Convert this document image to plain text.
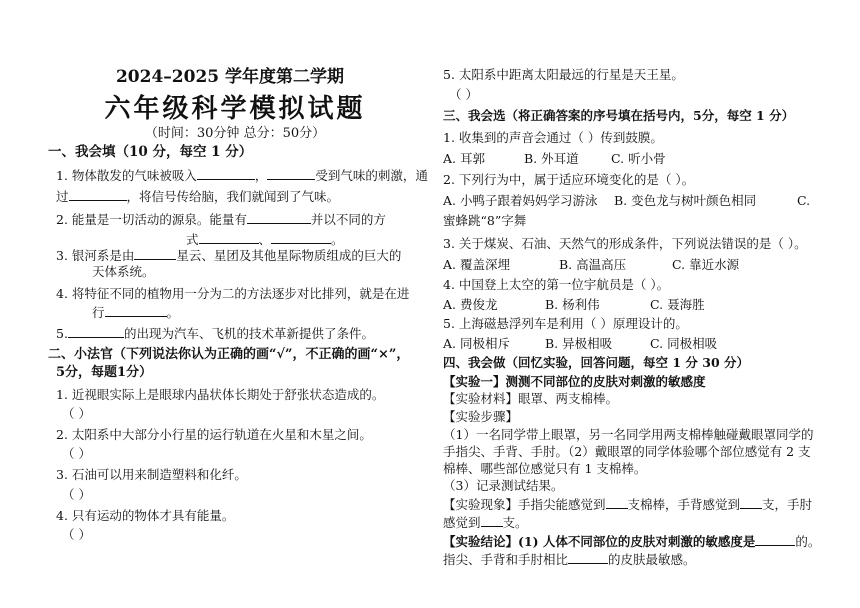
2024–2025 学年度第二学期
六年级科学模拟试题
（时间：30分钟 总分：50分）
一、我会填（10 分，每空 1 分）
1. 物体散发的气味被吸入	，	受到气味的刺激，通
过	，将信号传给脑，我们就闻到了气味。
2. 能量是一切活动的源泉。能量有	并以不同的方
式	、	。
3. 银河系是由	星云、星团及其他星际物质组成的巨大的
天体系统。
4. 将特征不同的植物用一分为二的方法逐步对比排列，就是在进
行	。
5.	的出现为汽车、飞机的技术革新提供了条件。
二、小法官（下列说法你认为正确的画“√”，不正确的画“×”，
5分，每题1分）
1. 近视眼实际上是眼球内晶状体长期处于舒张状态造成的。
（ ）
2. 太阳系中大部分小行星的运行轨道在火星和木星之间。
（ ）
3. 石油可以用来制造塑料和化纤。
（ ）
4. 只有运动的物体才具有能量。
（ ）
5. 太阳系中距离太阳最远的行星是天王星。
（ ）
三、我会选（将正确答案的序号填在括号内，5分，每空 1 分）
1. 收集到的声音会通过（ ）传到鼓膜。
A. 耳郭	B. 外耳道	C. 听小骨
2. 下列行为中，属于适应环境变化的是（ ）。
A. 小鸭子跟着妈妈学习游泳 B. 变色龙与树叶颜色相同	C.
蜜蜂跳“8”字舞
3. 关于煤炭、石油、天然气的形成条件，下列说法错误的是（ ）。
A. 覆盖深埋	B. 高温高压	C. 靠近水源
4. 中国登上太空的第一位宇航员是（ ）。
A. 费俊龙	B. 杨利伟	C. 聂海胜
5. 上海磁悬浮列车是利用（ ）原理设计的。
A. 同极相斥	B. 异极相吸	C. 同极相吸
四、我会做（回忆实验，回答问题，每空 1 分 30 分）
【实验一】测测不同部位的皮肤对刺激的敏感度
【实验材料】眼罩、两支棉棒。
【实验步骤】
（1）一名同学带上眼罩，另一名同学用两支棉棒触碰戴眼罩同学的
手指尖、手背、手肘。（2）戴眼罩的同学体验哪个部位感觉有 2 支
棉棒、哪些部位感觉只有 1 支棉棒。
（3）记录测试结果。
【实验现象】手指尖能感觉到 支棉棒，手背感觉到 支，手肘
感觉到 支。
【实验结论】(1) 人体不同部位的皮肤对刺激的敏感度是	的。
指尖、手背和手肘相比	的皮肤最敏感。
